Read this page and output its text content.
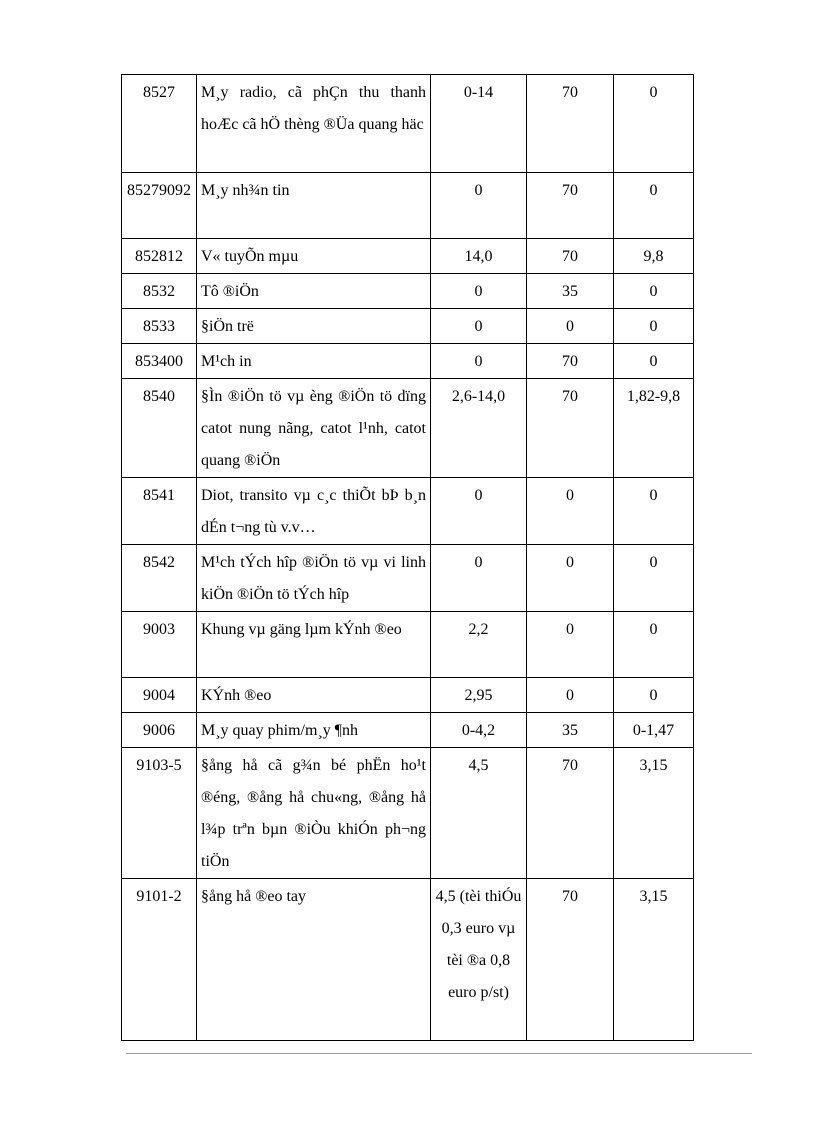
8527	M¸y radio, cã phÇn thu thanh hoÆc cã hÖ thèng ®Üa quang häc	0-14	70	0
85279092	M¸y nh¾n tin	0	70	0
852812	V« tuyÕn mµu	14,0	70	9,8
8532	Tô ®iÖn	0	35	0
8533	§iÖn trë	0	0	0
853400	M¹ch in	0	70	0
8540	§Ìn ®iÖn tö vµ èng ®iÖn tö dïng catot nung nãng, catot l¹nh, catot quang ®iÖn	2,6-14,0	70	1,82-9,8
8541	Diot, transito vµ c¸c thiÕt bÞ b¸n dÉn t¬ng tù v.v…	0	0	0
8542	M¹ch tÝch hîp ®iÖn tö vµ vi linh kiÖn ®iÖn tö tÝch hîp	0	0	0
9003	Khung vµ gäng lµm kÝnh ®eo	2,2	0	0
9004	KÝnh ®eo	2,95	0	0
9006	M¸y quay phim/m¸y ¶nh	0-4,2	35	0-1,47
9103-5	§ång hå cã g¾n bé phËn ho¹t ®éng, ®ång hå chu«ng, ®ång hå l¾p trªn bµn ®iÒu khiÓn ph¬ng tiÖn	4,5	70	3,15
9101-2	§ång hå ®eo tay	4,5 (tèi thiÓu 0,3 euro vµ tèi ®a 0,8 euro p/st)	70	3,15
